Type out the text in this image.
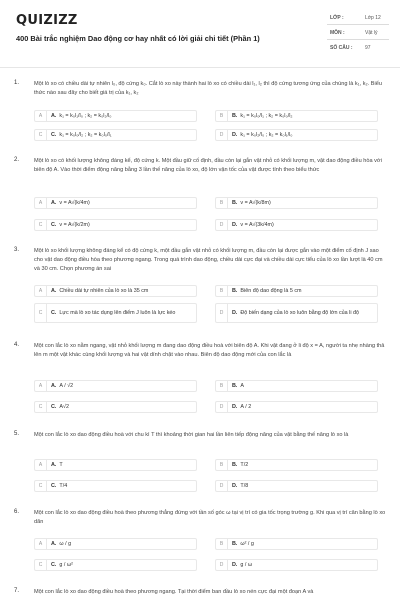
QUIZIZZ
400 Bài trắc nghiệm Dao động cơ hay nhất có lời giải chi tiết (Phần 1)
LỚP :	Lớp 12
MÔN :	Vật lý
SỐ CÂU :	97
1.	Một lò xo có chiều dài tự nhiên l₀, độ cứng k₀. Cắt lò xo này thành hai lò xo có chiều dài l₁, l₂ thì độ cứng tương ứng của chúng là k₁, k₂. Biểu thức nào sau đây cho biết giá trị của k₁, k₂
A	A. k₁ = k₀l₁/l₀ ; k₂ = k₀l₂/l₀	B	B. k₁ = k₀l₀/l₁ ; k₂ = k₀l₀/l₂
C	C. k₁ = k₀l₀/l₂ ; k₂ = k₀l₀/l₁	D	D. k₁ = k₀l₂/l₀ ; k₂ = k₀l₁/l₀
2.	Một lò xo có khối lượng không đáng kể, độ cứng k. Một đầu giữ cố định, đầu còn lại gắn vật nhỏ có khối lượng m, vật dao động điều hòa với biên độ A. Vào thời điểm động năng bằng 3 lần thế năng của lò xo, độ lớn vận tốc của vật được tính theo biểu thức
A	A. v = A√(k/4m)	B	B. v = A√(k/8m)
C	C. v = A√(k/2m)	D	D. v = A√(3k/4m)
3.	Một lò xo khối lượng không đáng kể có độ cứng k, một đầu gắn vật nhỏ có khối lượng m, đầu còn lại được gắn vào một điểm cố định J sao cho vật dao động điều hòa theo phương ngang. Trong quá trình dao động, chiều dài cực đại và chiều dài cực tiểu của lò xo lần lượt là 40 cm và 30 cm. Chọn phương án sai
A	A. Chiều dài tự nhiên của lò xo là 35 cm	B	B. Biên độ dao động là 5 cm
C	C. Lực mà lò xo tác dụng lên điểm J luôn là lực kéo	D	D. Độ biến dạng của lò xo luôn bằng độ lớn của li độ
4.	Một con lắc lò xo nằm ngang, vật nhỏ khối lượng m đang dao động điều hoà với biên độ A. Khi vật đang ở li độ x = A, người ta nhẹ nhàng thả lên m một vật khác cùng khối lượng và hai vật dính chặt vào nhau. Biên độ dao động mới của con lắc là
A	A. A / √2	B	B. A
C	C. A√2	D	D. A / 2
5.	Một con lắc lò xo dao động điều hoà với chu kì T thì khoảng thời gian hai lần liên tiếp động năng của vật bằng thế năng lò xo là
A	A. T	B	B. T/2
C	C. T/4	D	D. T/8
6.	Một con lắc lò xo dao động điều hoà theo phương thẳng đứng với tần số góc ω tại vị trí có gia tốc trọng trường g. Khi qua vị trí cân bằng lò xo dãn
A	A. ω / g	B	B. ω² / g
C	C. g / ω²	D	D. g / ω
7.	Một con lắc lò xo dao động điều hoà theo phương ngang. Tại thời điểm ban đầu lò xo nén cực đại một đoạn A và
